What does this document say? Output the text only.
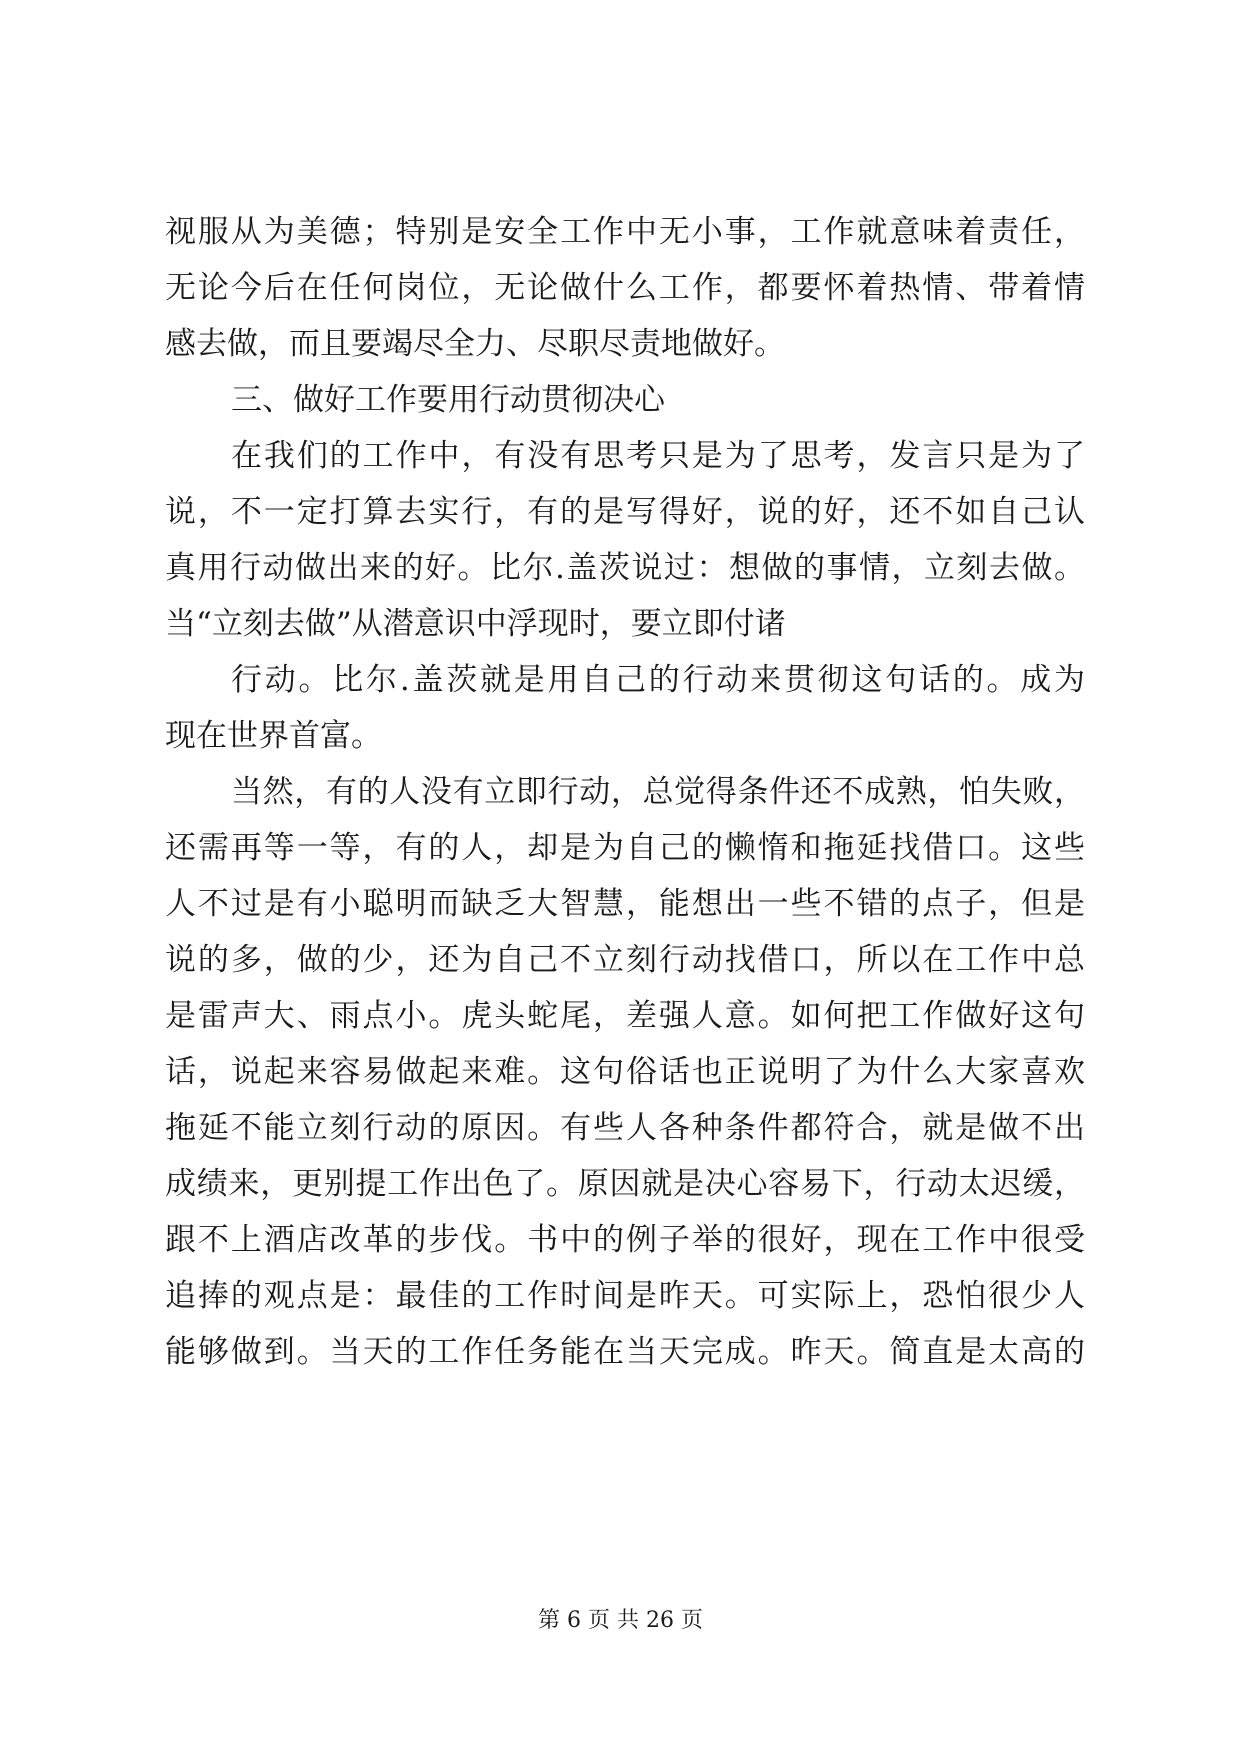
视服从为美德；特别是安全工作中无小事，工作就意味着责任，
无论今后在任何岗位，无论做什么工作，都要怀着热情、带着情
感去做，而且要竭尽全力、尽职尽责地做好。
三、做好工作要用行动贯彻决心
在我们的工作中，有没有思考只是为了思考，发言只是为了
说，不一定打算去实行，有的是写得好，说的好，还不如自己认
真用行动做出来的好。比尔.盖茨说过：想做的事情，立刻去做。
当“立刻去做”从潜意识中浮现时，要立即付诸
行动。比尔.盖茨就是用自己的行动来贯彻这句话的。成为
现在世界首富。
当然，有的人没有立即行动，总觉得条件还不成熟，怕失败，
还需再等一等，有的人，却是为自己的懒惰和拖延找借口。这些
人不过是有小聪明而缺乏大智慧，能想出一些不错的点子，但是
说的多，做的少，还为自己不立刻行动找借口，所以在工作中总
是雷声大、雨点小。虎头蛇尾，差强人意。如何把工作做好这句
话，说起来容易做起来难。这句俗话也正说明了为什么大家喜欢
拖延不能立刻行动的原因。有些人各种条件都符合，就是做不出
成绩来，更别提工作出色了。原因就是决心容易下，行动太迟缓，
跟不上酒店改革的步伐。书中的例子举的很好，现在工作中很受
追捧的观点是：最佳的工作时间是昨天。可实际上，恐怕很少人
能够做到。当天的工作任务能在当天完成。昨天。简直是太高的
第 6 页 共 26 页
